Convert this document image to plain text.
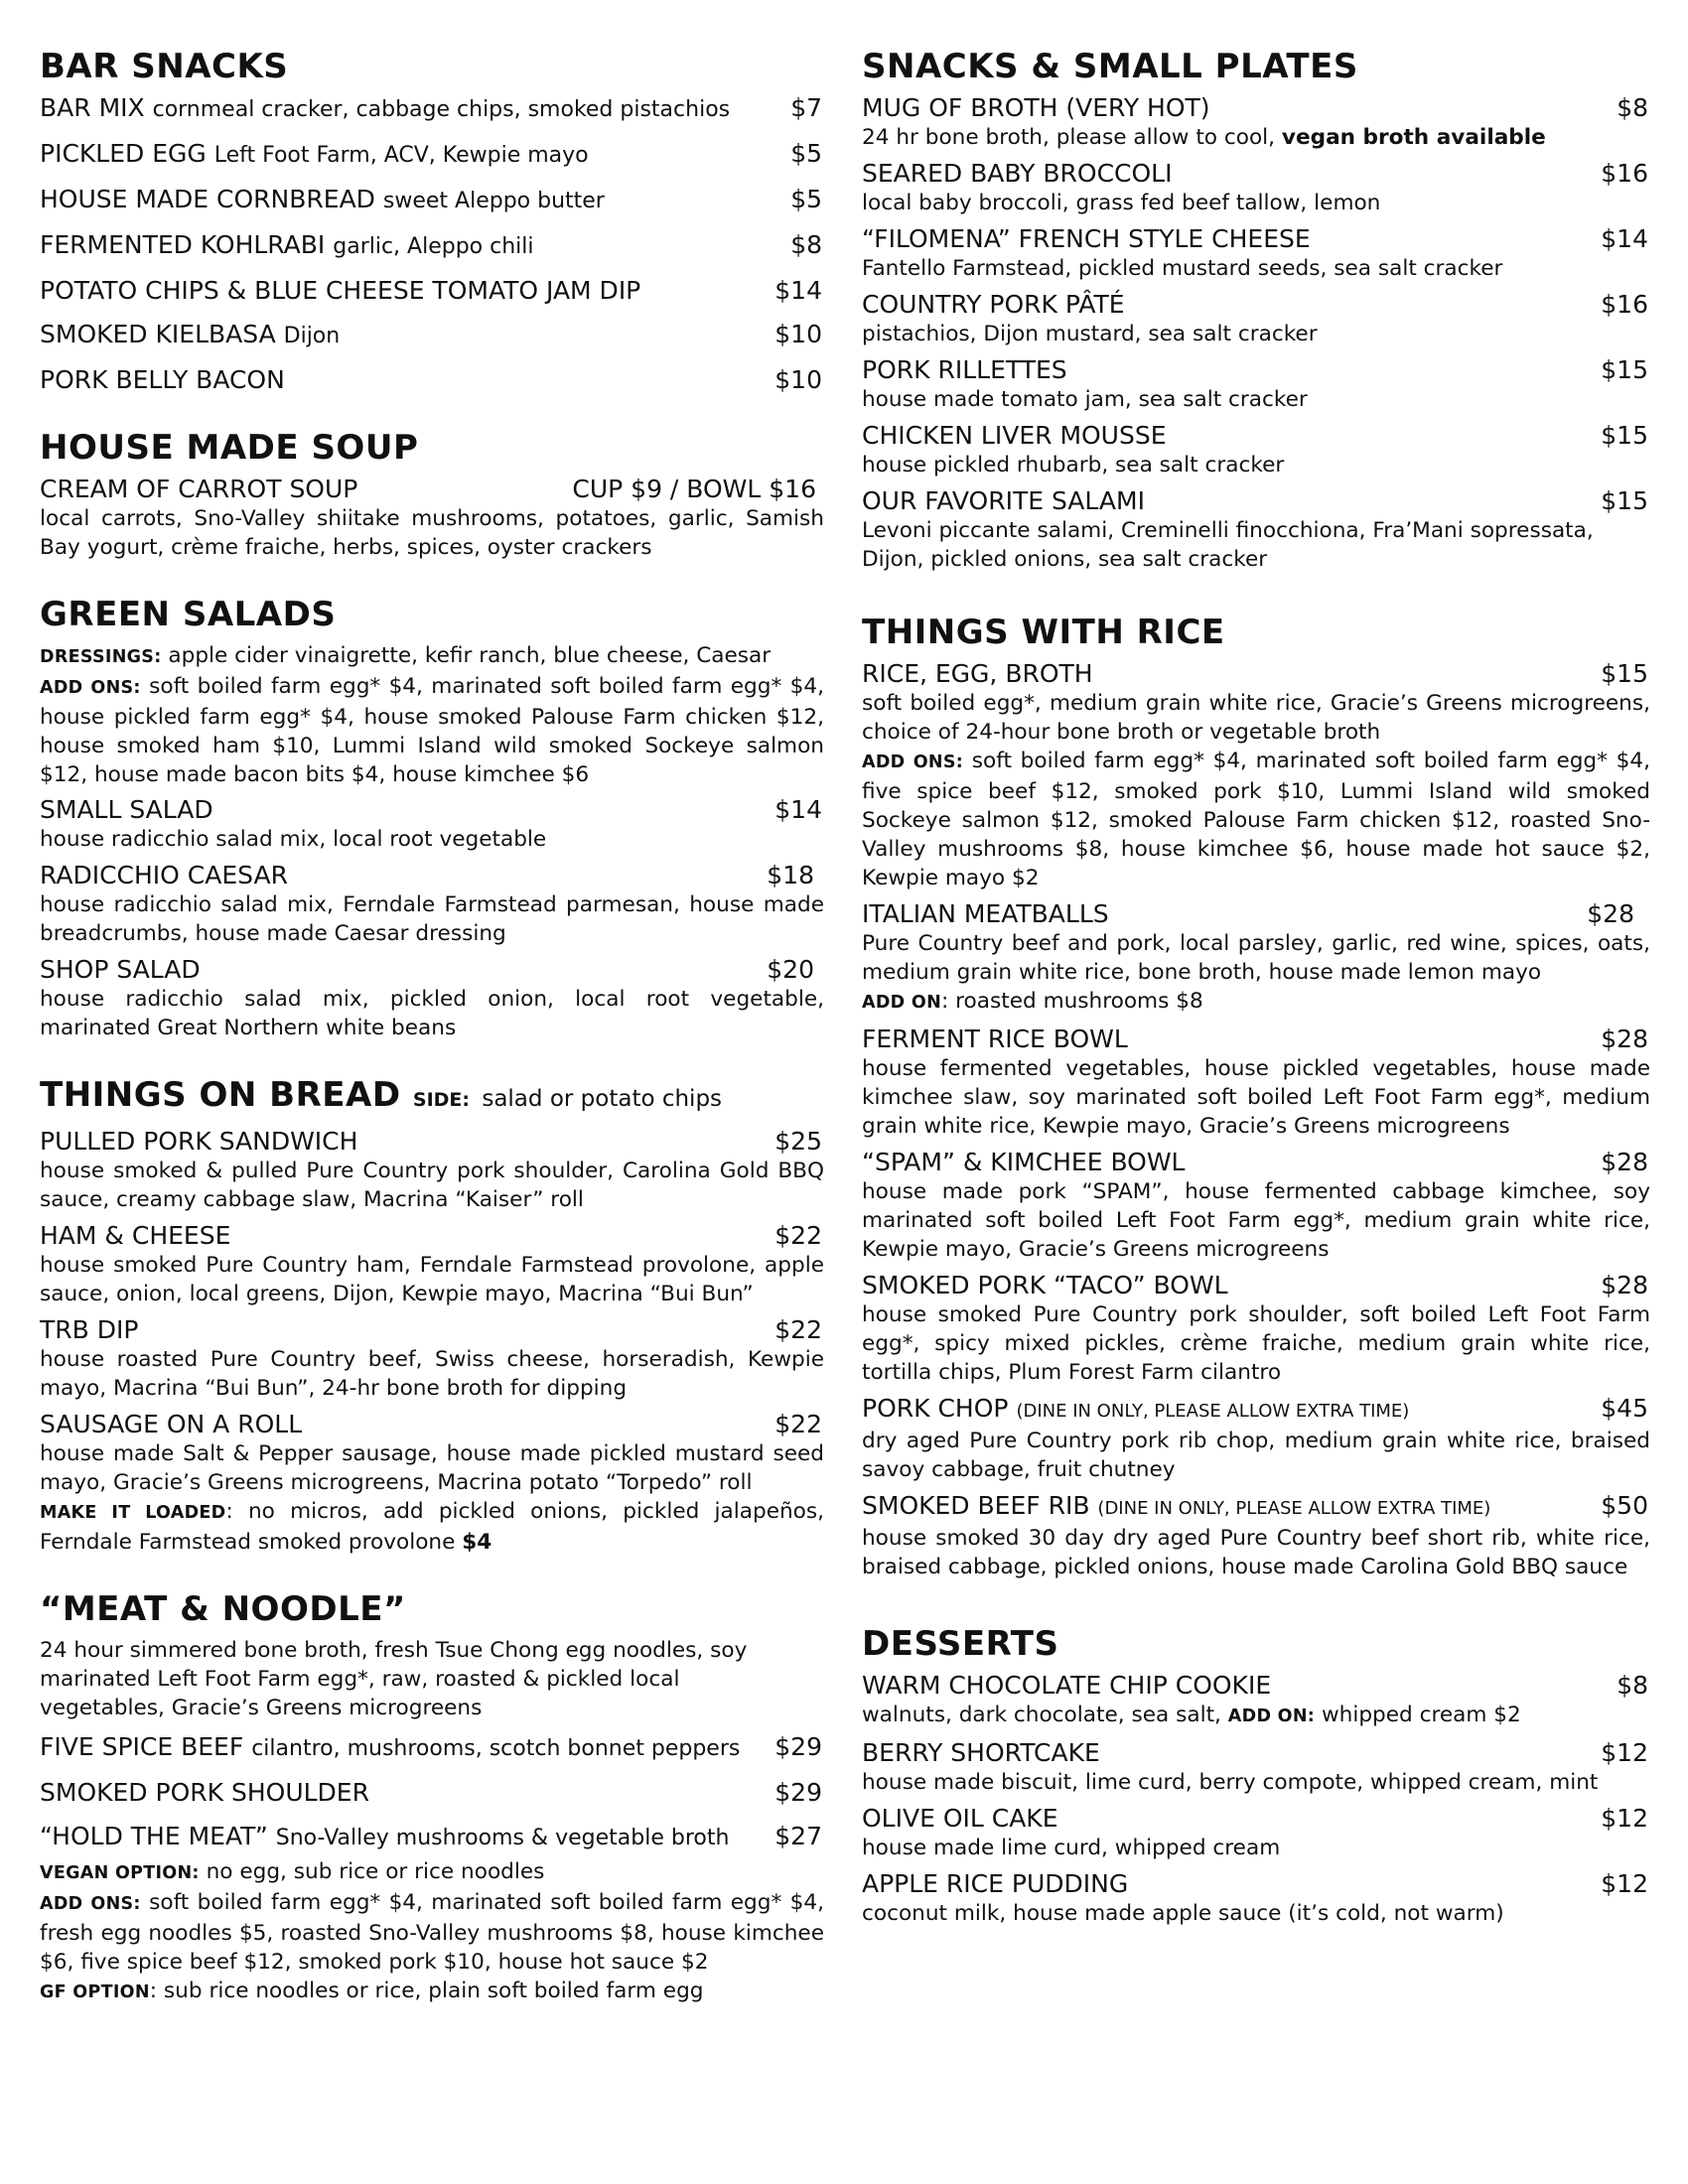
BAR SNACKS
BAR MIX cornmeal cracker, cabbage chips, smoked pistachios $7
PICKLED EGG Left Foot Farm, ACV, Kewpie mayo	$5
HOUSE MADE CORNBREAD sweet Aleppo butter	$5
FERMENTED KOHLRABI garlic, Aleppo chili	$8
POTATO CHIPS & BLUE CHEESE TOMATO JAM DIP	$14
SMOKED KIELBASA Dijon	$10
PORK BELLY BACON	$10
HOUSE MADE SOUP
CREAM OF CARROT SOUP	CUP $9 / BOWL $16
local carrots, Sno-Valley shiitake mushrooms, potatoes, garlic, Samish Bay yogurt, crème fraiche, herbs, spices, oyster crackers
GREEN SALADS
DRESSINGS: apple cider vinaigrette, kefir ranch, blue cheese, Caesar
ADD ONS: soft boiled farm egg* $4, marinated soft boiled farm egg* $4, house pickled farm egg* $4, house smoked Palouse Farm chicken $12, house smoked ham $10, Lummi Island wild smoked Sockeye salmon $12, house made bacon bits $4, house kimchee $6
SMALL SALAD	$14
house radicchio salad mix, local root vegetable
RADICCHIO CAESAR	$18
house radicchio salad mix, Ferndale Farmstead parmesan, house made breadcrumbs, house made Caesar dressing
SHOP SALAD	$20
house radicchio salad mix, pickled onion, local root vegetable, marinated Great Northern white beans
THINGS ON BREAD SIDE: salad or potato chips
PULLED PORK SANDWICH	$25
house smoked & pulled Pure Country pork shoulder, Carolina Gold BBQ sauce, creamy cabbage slaw, Macrina “Kaiser” roll
HAM & CHEESE	$22
house smoked Pure Country ham, Ferndale Farmstead provolone, apple sauce, onion, local greens, Dijon, Kewpie mayo, Macrina “Bui Bun”
TRB DIP	$22
house roasted Pure Country beef, Swiss cheese, horseradish, Kewpie mayo, Macrina “Bui Bun”, 24-hr bone broth for dipping
SAUSAGE ON A ROLL	$22
house made Salt & Pepper sausage, house made pickled mustard seed mayo, Gracie’s Greens microgreens, Macrina potato “Torpedo” roll
MAKE IT LOADED: no micros, add pickled onions, pickled jalapeños, Ferndale Farmstead smoked provolone $4
“MEAT & NOODLE”
24 hour simmered bone broth, fresh Tsue Chong egg noodles, soy marinated Left Foot Farm egg*, raw, roasted & pickled local vegetables, Gracie’s Greens microgreens
FIVE SPICE BEEF cilantro, mushrooms, scotch bonnet peppers $29
SMOKED PORK SHOULDER	$29
“HOLD THE MEAT” Sno-Valley mushrooms & vegetable broth $27
VEGAN OPTION: no egg, sub rice or rice noodles
ADD ONS: soft boiled farm egg* $4, marinated soft boiled farm egg* $4, fresh egg noodles $5, roasted Sno-Valley mushrooms $8, house kimchee $6, five spice beef $12, smoked pork $10, house hot sauce $2
GF OPTION: sub rice noodles or rice, plain soft boiled farm egg
SNACKS & SMALL PLATES
MUG OF BROTH (VERY HOT)	$8
24 hr bone broth, please allow to cool, vegan broth available
SEARED BABY BROCCOLI	$16
local baby broccoli, grass fed beef tallow, lemon
“FILOMENA” FRENCH STYLE CHEESE	$14
Fantello Farmstead, pickled mustard seeds, sea salt cracker
COUNTRY PORK PÂTÉ	$16
pistachios, Dijon mustard, sea salt cracker
PORK RILLETTES	$15
house made tomato jam, sea salt cracker
CHICKEN LIVER MOUSSE	$15
house pickled rhubarb, sea salt cracker
OUR FAVORITE SALAMI	$15
Levoni piccante salami, Creminelli finocchiona, Fra’Mani sopressata, Dijon, pickled onions, sea salt cracker
THINGS WITH RICE
RICE, EGG, BROTH	$15
soft boiled egg*, medium grain white rice, Gracie’s Greens microgreens, choice of 24-hour bone broth or vegetable broth
ADD ONS: soft boiled farm egg* $4, marinated soft boiled farm egg* $4, five spice beef $12, smoked pork $10, Lummi Island wild smoked Sockeye salmon $12, smoked Palouse Farm chicken $12, roasted Sno-Valley mushrooms $8, house kimchee $6, house made hot sauce $2, Kewpie mayo $2
ITALIAN MEATBALLS	$28
Pure Country beef and pork, local parsley, garlic, red wine, spices, oats, medium grain white rice, bone broth, house made lemon mayo
ADD ON: roasted mushrooms $8
FERMENT RICE BOWL	$28
house fermented vegetables, house pickled vegetables, house made kimchee slaw, soy marinated soft boiled Left Foot Farm egg*, medium grain white rice, Kewpie mayo, Gracie’s Greens microgreens
“SPAM” & KIMCHEE BOWL	$28
house made pork “SPAM”, house fermented cabbage kimchee, soy marinated soft boiled Left Foot Farm egg*, medium grain white rice, Kewpie mayo, Gracie’s Greens microgreens
SMOKED PORK “TACO” BOWL	$28
house smoked Pure Country pork shoulder, soft boiled Left Foot Farm egg*, spicy mixed pickles, crème fraiche, medium grain white rice, tortilla chips, Plum Forest Farm cilantro
PORK CHOP (DINE IN ONLY, PLEASE ALLOW EXTRA TIME)	$45
dry aged Pure Country pork rib chop, medium grain white rice, braised savoy cabbage, fruit chutney
SMOKED BEEF RIB (DINE IN ONLY, PLEASE ALLOW EXTRA TIME)	$50
house smoked 30 day dry aged Pure Country beef short rib, white rice, braised cabbage, pickled onions, house made Carolina Gold BBQ sauce
DESSERTS
WARM CHOCOLATE CHIP COOKIE	$8
walnuts, dark chocolate, sea salt, ADD ON: whipped cream $2
BERRY SHORTCAKE	$12
house made biscuit, lime curd, berry compote, whipped cream, mint
OLIVE OIL CAKE	$12
house made lime curd, whipped cream
APPLE RICE PUDDING	$12
coconut milk, house made apple sauce (it’s cold, not warm)
